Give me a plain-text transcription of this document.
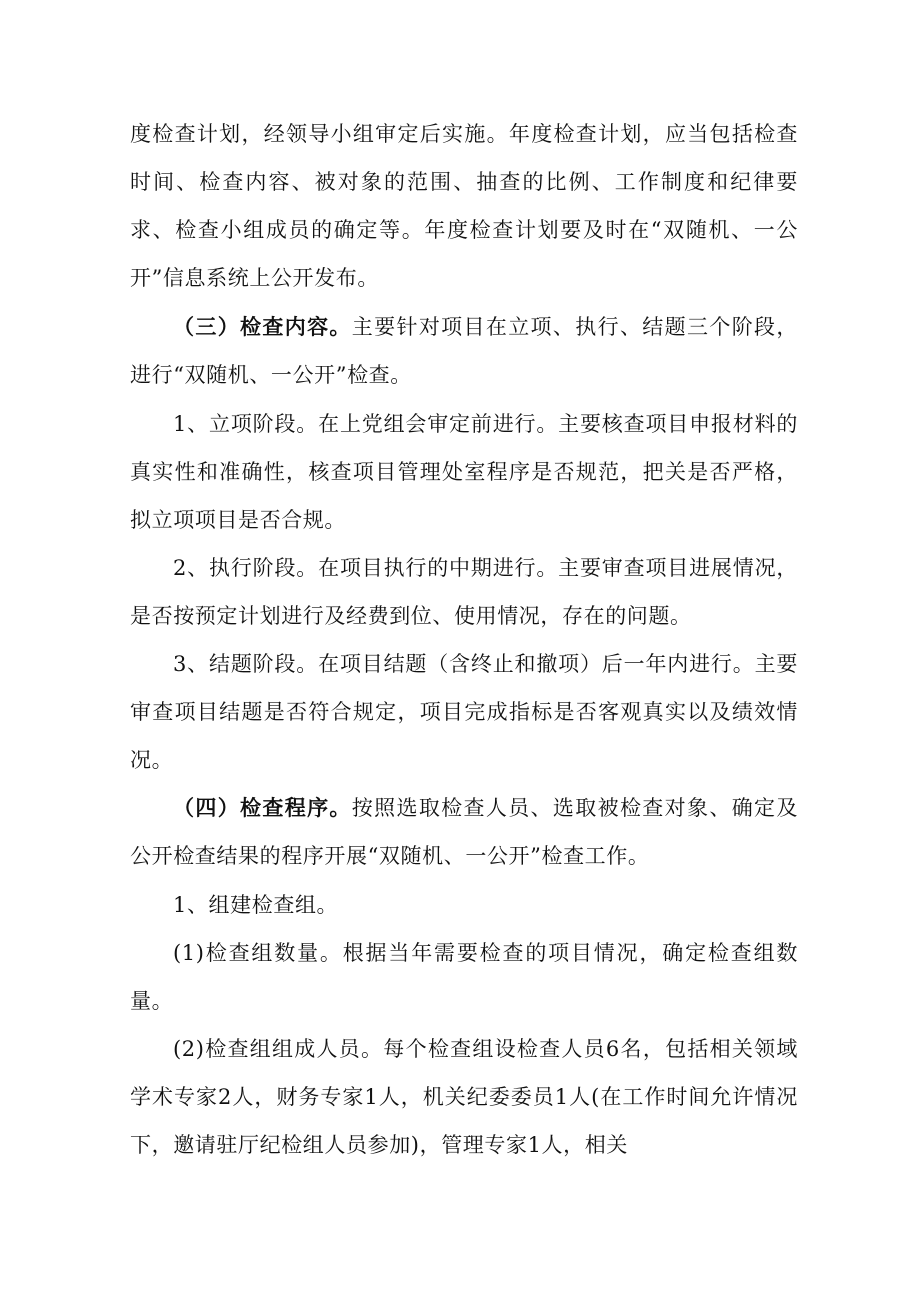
度检查计划，经领导小组审定后实施。年度检查计划，应当包括检查时间、检查内容、被对象的范围、抽查的比例、工作制度和纪律要求、检查小组成员的确定等。年度检查计划要及时在“双随机、一公开”信息系统上公开发布。

（三）检查内容。主要针对项目在立项、执行、结题三个阶段，进行“双随机、一公开”检查。

1、立项阶段。在上党组会审定前进行。主要核查项目申报材料的真实性和准确性，核查项目管理处室程序是否规范，把关是否严格，拟立项项目是否合规。

2、执行阶段。在项目执行的中期进行。主要审查项目进展情况，是否按预定计划进行及经费到位、使用情况，存在的问题。

3、结题阶段。在项目结题（含终止和撤项）后一年内进行。主要审查项目结题是否符合规定，项目完成指标是否客观真实以及绩效情况。

（四）检查程序。按照选取检查人员、选取被检查对象、确定及公开检查结果的程序开展“双随机、一公开”检查工作。

1、组建检查组。

(1)检查组数量。根据当年需要检查的项目情况，确定检查组数量。

(2)检查组组成人员。每个检查组设检查人员6名，包括相关领域学术专家2人，财务专家1人，机关纪委委员1人(在工作时间允许情况下，邀请驻厅纪检组人员参加)，管理专家1人，相关
